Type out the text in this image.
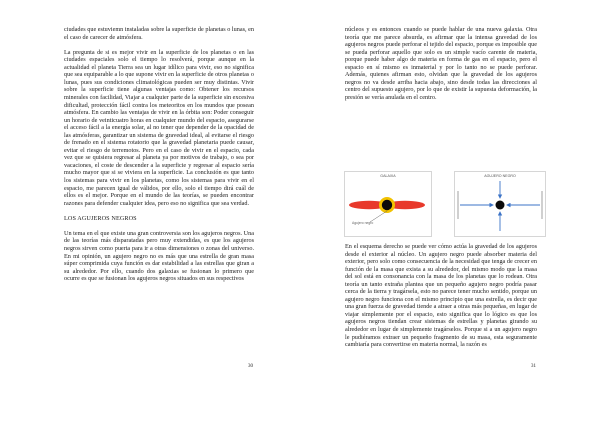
ciudades que estuviemn instaladas sobre la superficie de planetas o lunas, en el caso de carecer de atmósfera.

La pregunta de si es mejor vivir en la superficie de los planetas o en las ciudades espaciales solo el tiempo lo resolverá, porque aunque en la actualidad el planeta Tierra sea un lugar idílico para vivir, eso no significa que sea equiparable a lo que supone vivir en la superficie de otros planetas o lunas, pues sus condiciones climatológicas pueden ser muy distintas. Vivir sobre la superficie tiene algunas ventajas como: Obtener los recursos minerales con facilidad, Viajar a cualquier parte de la superficie sin excesiva dificultad, protección fácil contra los meteoritos en los mundos que posean atmósfera. En cambio las ventajas de vivir en la órbita son: Poder conseguir un horario de veinticuatro horas en cualquier mundo del espacio, asegurarse el acceso fácil a la energía solar, al no tener que depender de la opacidad de las atmósferas, garantizar un sistema de gravedad ideal, al evitarse el riesgo de frenado en el sistema rotatorio que la gravedad planetaria puede causar, evitar el riesgo de terremotos. Pero en el caso de vivir en el espacio, cada vez que se quisiera regresar al planeta ya por motivos de trabajo, o sea por vacaciones, el coste de descender a la superficie y regresar al espacio sería mucho mayor que si se viviera en la superficie. La conclusión es que tanto los sistemas para vivir en los planetas, como los sistemas para vivir en el espacio, me parecen igual de válidos, por ello, solo el tiempo dirá cuál de ellos es el mejor. Porque en el mundo de las teorías, se pueden encontrar razones para defender cualquier idea, pero eso no significa que sea verdad.

LOS AGUJEROS NEGROS

Un tema en el que existe una gran controversia son los agujeros negros. Una de las teorías más disparatadas pero muy extendidas, es que los agujeros negros sirven como puerta para ir a otras dimensiones o zonas del universo. En mi opinión, un agujero negro no es más que una estrella de gran masa súper comprimida cuya función es dar estabilidad a las estrellas que giran a su alrededor. Por ello, cuando dos galaxias se fusionan lo primero que ocurre es que se fusionan los agujeros negros situados en sus respectivos

30

núcleos y es entonces cuando se puede hablar de una nueva galaxia. Otra teoría que me parece absurda, es afirmar que la intensa gravedad de los agujeros negros puede perforar el tejido del espacio, porque es imposible que se pueda perforar aquello que solo es un simple vacío carente de materia, porque puede haber algo de materia en forma de gas en el espacio, pero el espacio en sí mismo es inmaterial y por lo tanto no se puede perforar. Además, quienes afirman esto, olvidan que la gravedad de los agujeros negros no va desde arriba hacia abajo, sino desde todas las direcciones al centro del supuesto agujero, por lo que de existir la supuesta deformación, la presión se vería anulada en el centro.

GALAXIA
Agujero negro
AGUJERO NEGRO

En el esquema derecho se puede ver cómo actúa la gravedad de los agujeros desde el exterior al núcleo. Un agujero negro puede absorber materia del exterior, pero solo como consecuencia de la necesidad que tenga de crecer en función de la masa que exista a su alrededor, del mismo modo que la masa del sol está en consonancia con la masa de los planetas que lo rodean. Otra teoría un tanto extraña plantea que un pequeño agujero negro podría pasar cerca de la tierra y tragársela, esto no parece tener mucho sentido, porque un agujero negro funciona con el mismo principio que una estrella, es decir que una gran fuerza de gravedad tiende a atraer a otras más pequeñas, en lugar de viajar simplemente por el espacio, esto significa que lo lógico es que los agujeros negros tiendan crear sistemas de estrellas y planetas girando su alrededor en lugar de simplemente tragárselos. Porque si a un agujero negro le pudiéramos extraer un pequeño fragmento de su masa, esta seguramente cambiaría para convertirse en materia normal, la razón es

31
